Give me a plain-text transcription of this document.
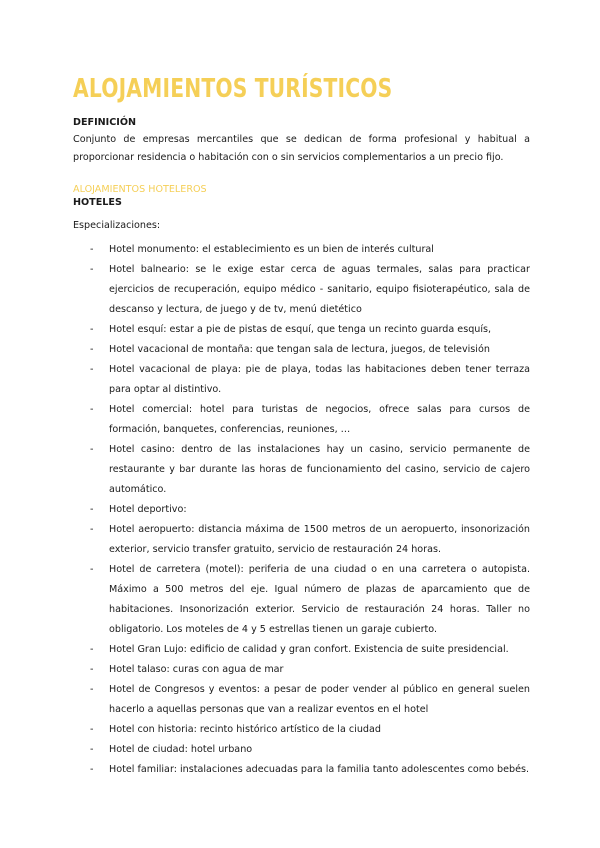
ALOJAMIENTOS TURÍSTICOS

DEFINICIÓN

Conjunto de empresas mercantiles que se dedican de forma profesional y habitual a proporcionar residencia o habitación con o sin servicios complementarios a un precio fijo.

ALOJAMIENTOS HOTELEROS

HOTELES

Especializaciones:

- Hotel monumento: el establecimiento es un bien de interés cultural
- Hotel balneario: se le exige estar cerca de aguas termales, salas para practicar ejercicios de recuperación, equipo médico - sanitario, equipo fisioterapéutico, sala de descanso y lectura, de juego y de tv, menú dietético
- Hotel esquí: estar a pie de pistas de esquí, que tenga un recinto guarda esquís,
- Hotel vacacional de montaña: que tengan sala de lectura, juegos, de televisión
- Hotel vacacional de playa: pie de playa, todas las habitaciones deben tener terraza para optar al distintivo.
- Hotel comercial: hotel para turistas de negocios, ofrece salas para cursos de formación, banquetes, conferencias, reuniones, …
- Hotel casino: dentro de las instalaciones hay un casino, servicio permanente de restaurante y bar durante las horas de funcionamiento del casino, servicio de cajero automático.
- Hotel deportivo:
- Hotel aeropuerto: distancia máxima de 1500 metros de un aeropuerto, insonorización exterior, servicio transfer gratuito, servicio de restauración 24 horas.
- Hotel de carretera (motel): periferia de una ciudad o en una carretera o autopista. Máximo a 500 metros del eje. Igual número de plazas de aparcamiento que de habitaciones. Insonorización exterior. Servicio de restauración 24 horas. Taller no obligatorio. Los moteles de 4 y 5 estrellas tienen un garaje cubierto.
- Hotel Gran Lujo: edificio de calidad y gran confort. Existencia de suite presidencial.
- Hotel talaso: curas con agua de mar
- Hotel de Congresos y eventos: a pesar de poder vender al público en general suelen hacerlo a aquellas personas que van a realizar eventos en el hotel
- Hotel con historia: recinto histórico artístico de la ciudad
- Hotel de ciudad: hotel urbano
- Hotel familiar: instalaciones adecuadas para la familia tanto adolescentes como bebés.
